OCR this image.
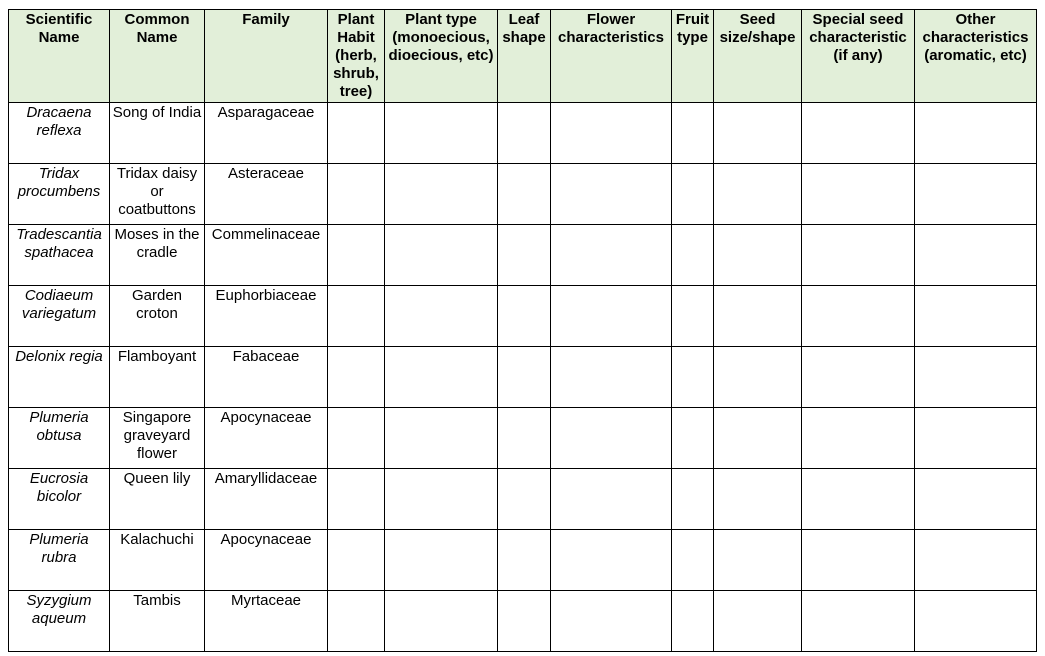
Scientific Name	Common Name	Family	Plant Habit (herb, shrub, tree)	Plant type (monoecious, dioecious, etc)	Leaf shape	Flower characteristics	Fruit type	Seed size/shape	Special seed characteristic (if any)	Other characteristics (aromatic, etc)
Dracaena reflexa	Song of India	Asparagaceae								
Tridax procumbens	Tridax daisy or coatbuttons	Asteraceae								
Tradescantia spathacea	Moses in the cradle	Commelinaceae								
Codiaeum variegatum	Garden croton	Euphorbiaceae								
Delonix regia	Flamboyant	Fabaceae								
Plumeria obtusa	Singapore graveyard flower	Apocynaceae								
Eucrosia bicolor	Queen lily	Amaryllidaceae								
Plumeria rubra	Kalachuchi	Apocynaceae								
Syzygium aqueum	Tambis	Myrtaceae								
